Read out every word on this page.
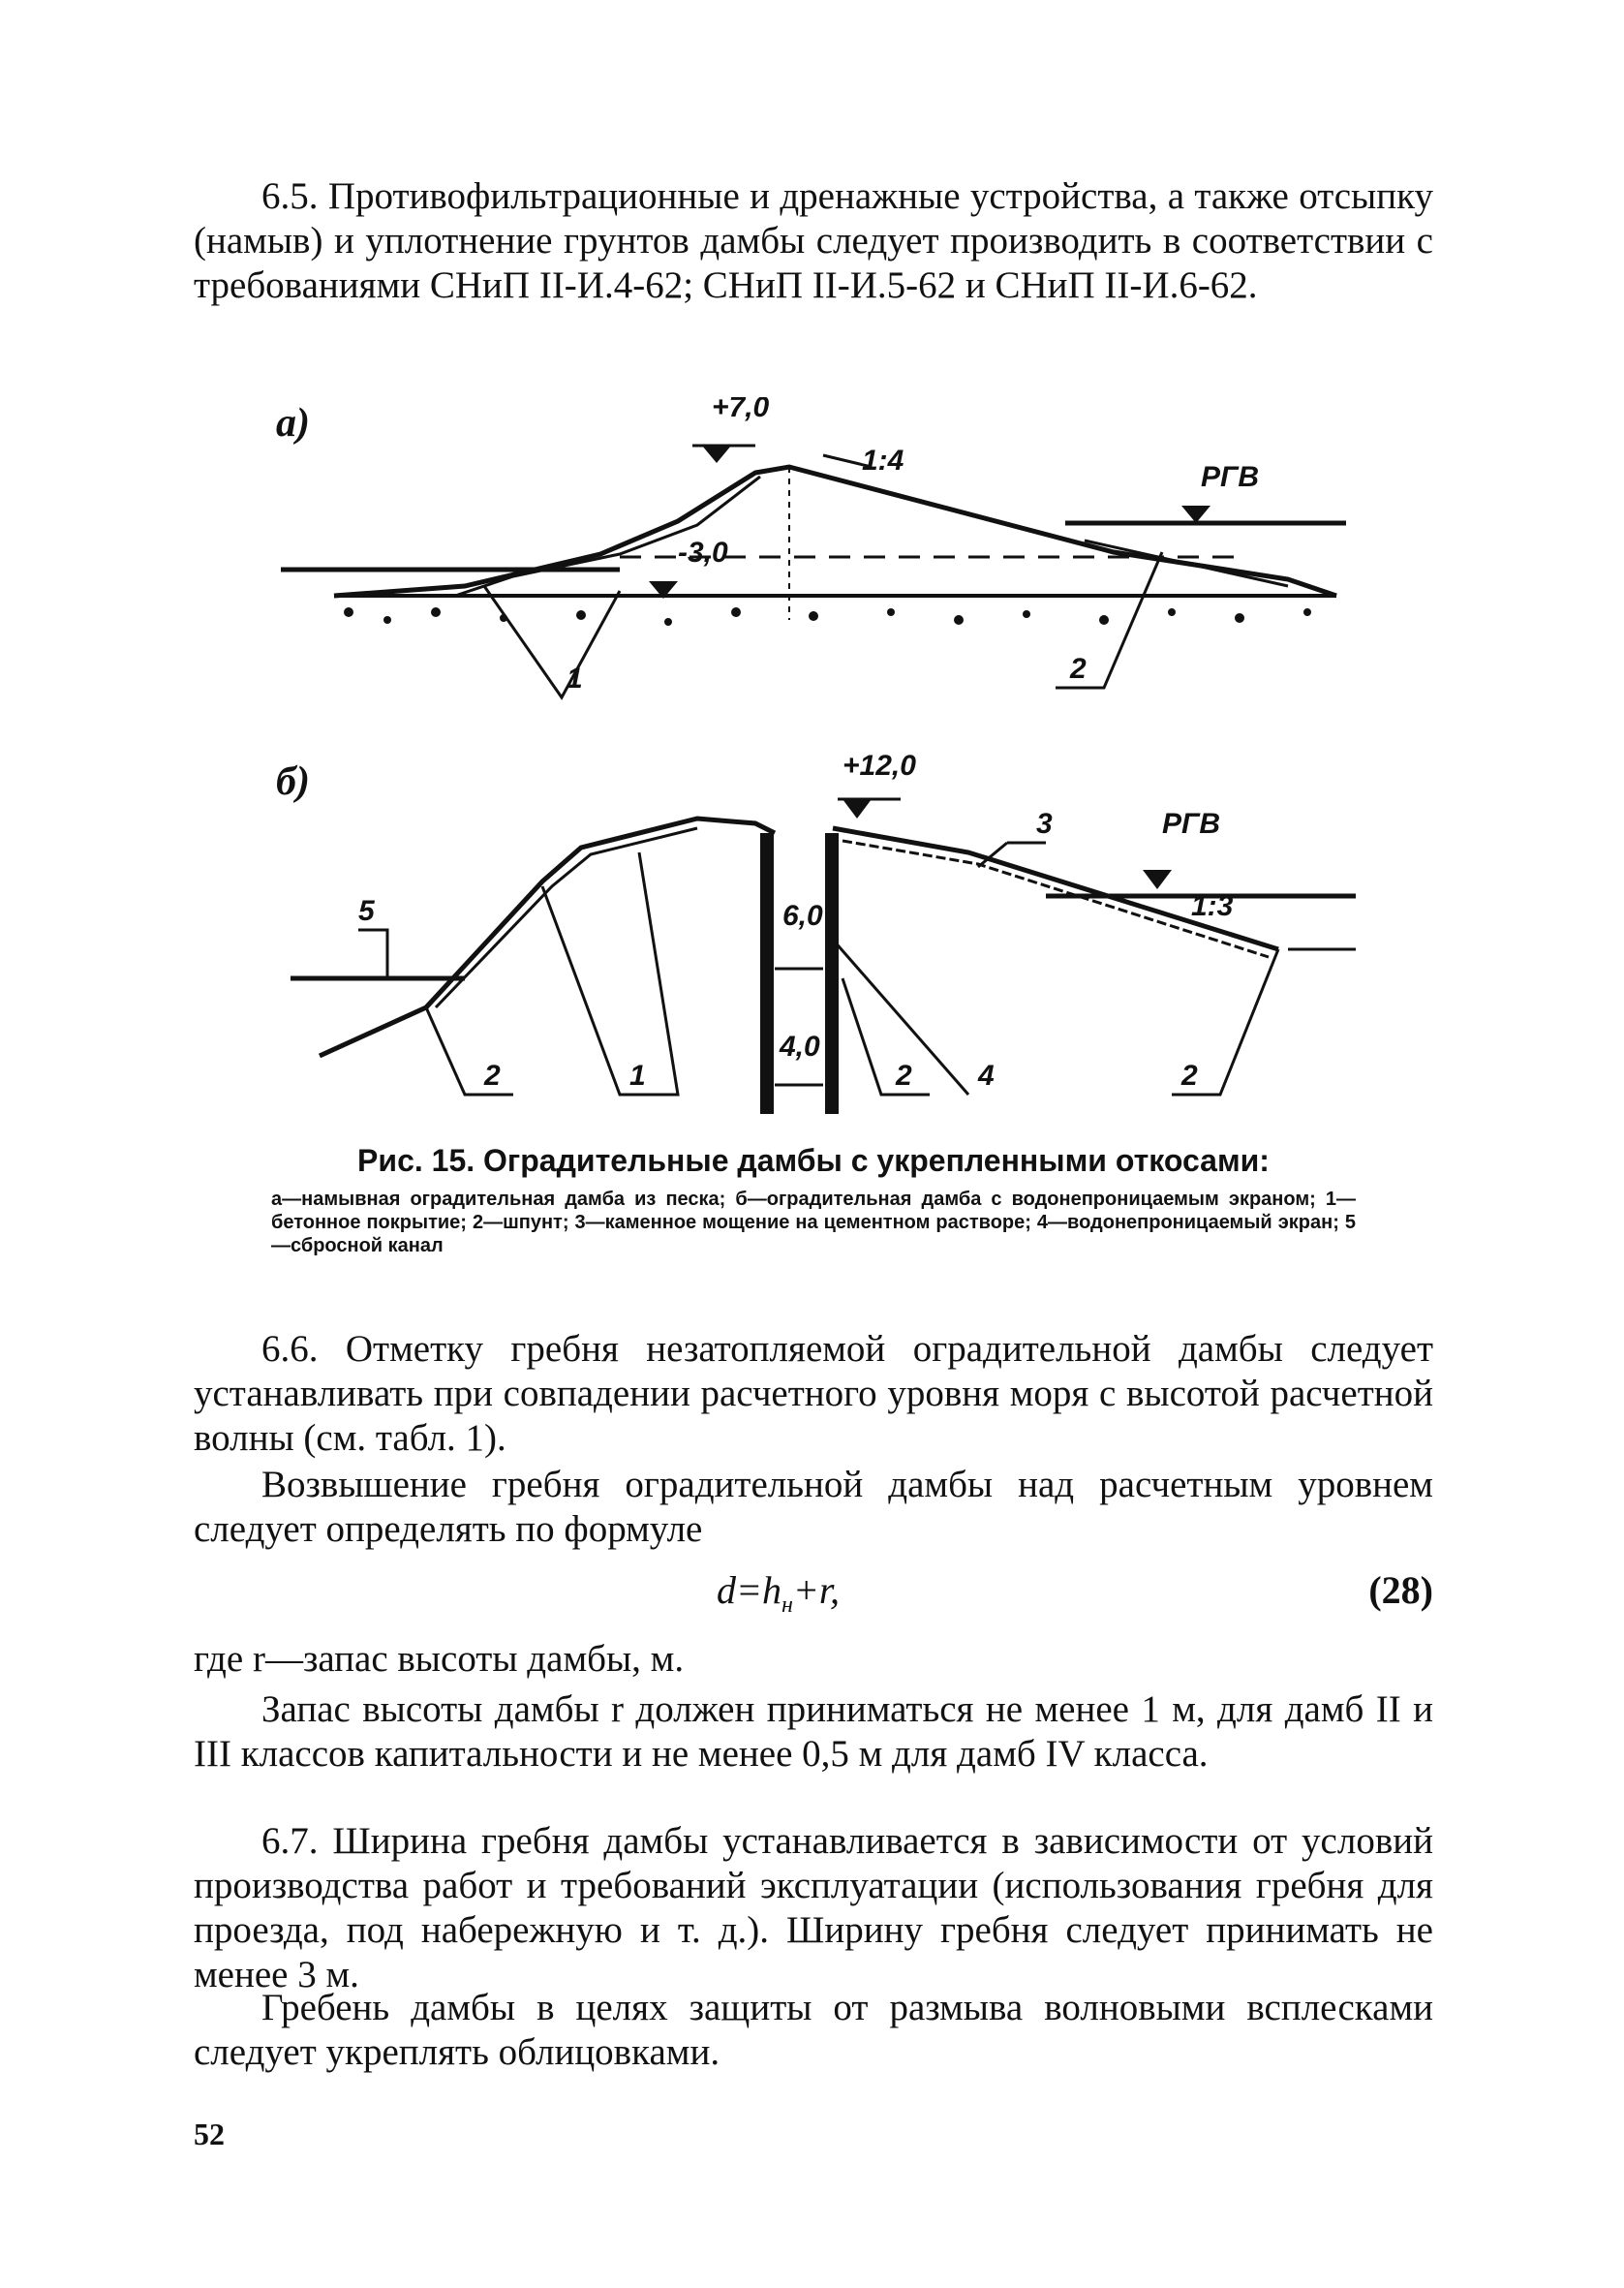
6.5. Противофильтрационные и дренажные устройства, а также отсыпку (намыв) и уплотнение грунтов дамбы следует производить в соответствии с требованиями СНиП II-И.4-62; СНиП II-И.5-62 и СНиП II-И.6-62.

а)	+7,0
-3,0
1:4
РГВ
1	2
б)
6,0
4,0
+12,0
3	РГВ
1:3
5
2	1	2 4	2
Рис. 15. Оградительные дамбы с укрепленными откосами:
а—намывная оградительная дамба из песка; б—оградительная дамба с водонепроницаемым экраном; 1—бетонное покрытие; 2—шпунт; 3—каменное мощение на цементном растворе; 4—водонепроницаемый экран; 5—сбросной канал

6.6. Отметку гребня незатопляемой оградительной дамбы следует устанавливать при совпадении расчетного уровня моря с высотой расчетной волны (см. табл. 1).

Возвышение гребня оградительной дамбы над расчетным уровнем следует определять по формуле

$d=h_н+r$,	(28)

где r—запас высоты дамбы, м.

Запас высоты дамбы r должен приниматься не менее 1 м, для дамб II и III классов капитальности и не менее 0,5 м для дамб IV класса.

6.7. Ширина гребня дамбы устанавливается в зависимости от условий производства работ и требований эксплуатации (использования гребня для проезда, под набережную и т. д.). Ширину гребня следует принимать не менее 3 м.

Гребень дамбы в целях защиты от размыва волновыми всплесками следует укреплять облицовками.

52
